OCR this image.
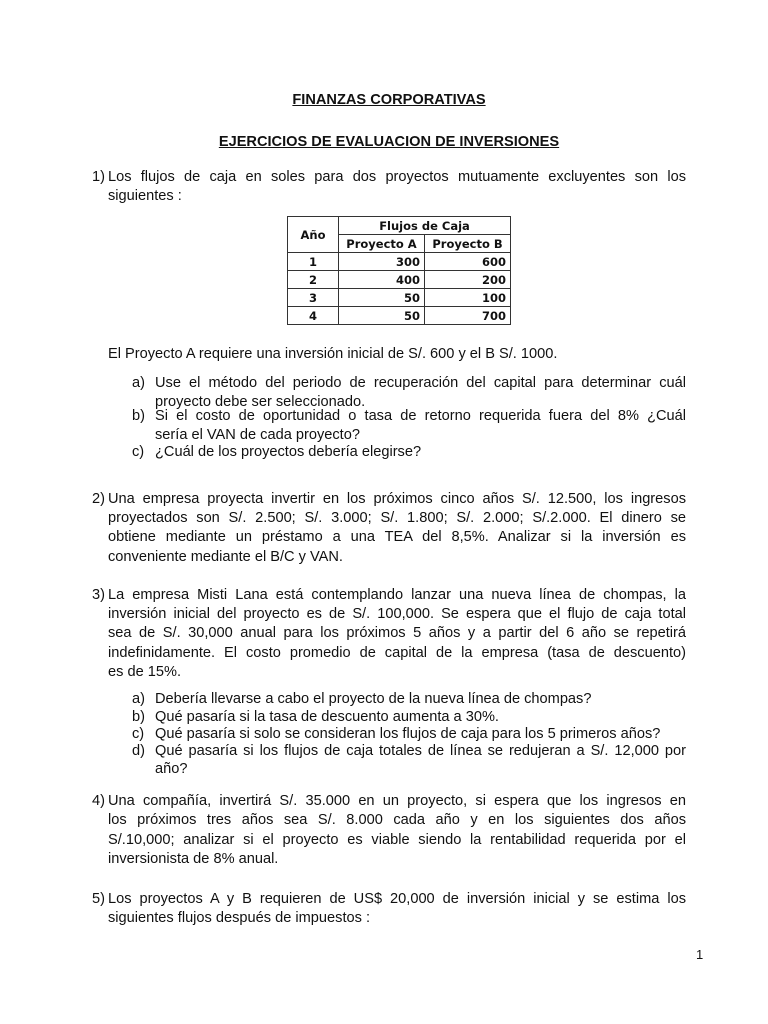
FINANZAS CORPORATIVAS
EJERCICIOS DE EVALUACION DE INVERSIONES
1) Los flujos de caja en soles para dos proyectos mutuamente excluyentes son los
siguientes :
Año	Flujos de Caja	
	Proyecto A	Proyecto B
1	300	600
2	400	200
3	50	100
4	50	700
El Proyecto A requiere una inversión inicial de S/. 600 y el B S/. 1000.
a) Use el método del periodo de recuperación del capital para determinar cuál
proyecto debe ser seleccionado.
b) Si el costo de oportunidad o tasa de retorno requerida fuera del 8% ¿Cuál
sería el VAN de cada proyecto?
c) ¿Cuál de los proyectos debería elegirse?
2) Una empresa proyecta invertir en los próximos cinco años S/. 12.500, los ingresos
proyectados son S/. 2.500; S/. 3.000; S/. 1.800; S/. 2.000; S/.2.000. El dinero se
obtiene mediante un préstamo a una TEA del 8,5%. Analizar si la inversión es
conveniente mediante el B/C y VAN.
3) La empresa Misti Lana está contemplando lanzar una nueva línea de chompas, la
inversión inicial del proyecto es de S/. 100,000. Se espera que el flujo de caja total
sea de S/. 30,000 anual para los próximos 5 años y a partir del 6 año se repetirá
indefinidamente. El costo promedio de capital de la empresa (tasa de descuento)
es de 15%.
a) Debería llevarse a cabo el proyecto de la nueva línea de chompas?
b) Qué pasaría si la tasa de descuento aumenta a 30%.
c) Qué pasaría si solo se consideran los flujos de caja para los 5 primeros años?
d) Qué pasaría si los flujos de caja totales de línea se redujeran a S/. 12,000 por
año?
4) Una compañía, invertirá S/. 35.000 en un proyecto, si espera que los ingresos en
los próximos tres años sea S/. 8.000 cada año y en los siguientes dos años
S/.10,000; analizar si el proyecto es viable siendo la rentabilidad requerida por el
inversionista de 8% anual.
5) Los proyectos A y B requieren de US$ 20,000 de inversión inicial y se estima los
siguientes flujos después de impuestos :
1
